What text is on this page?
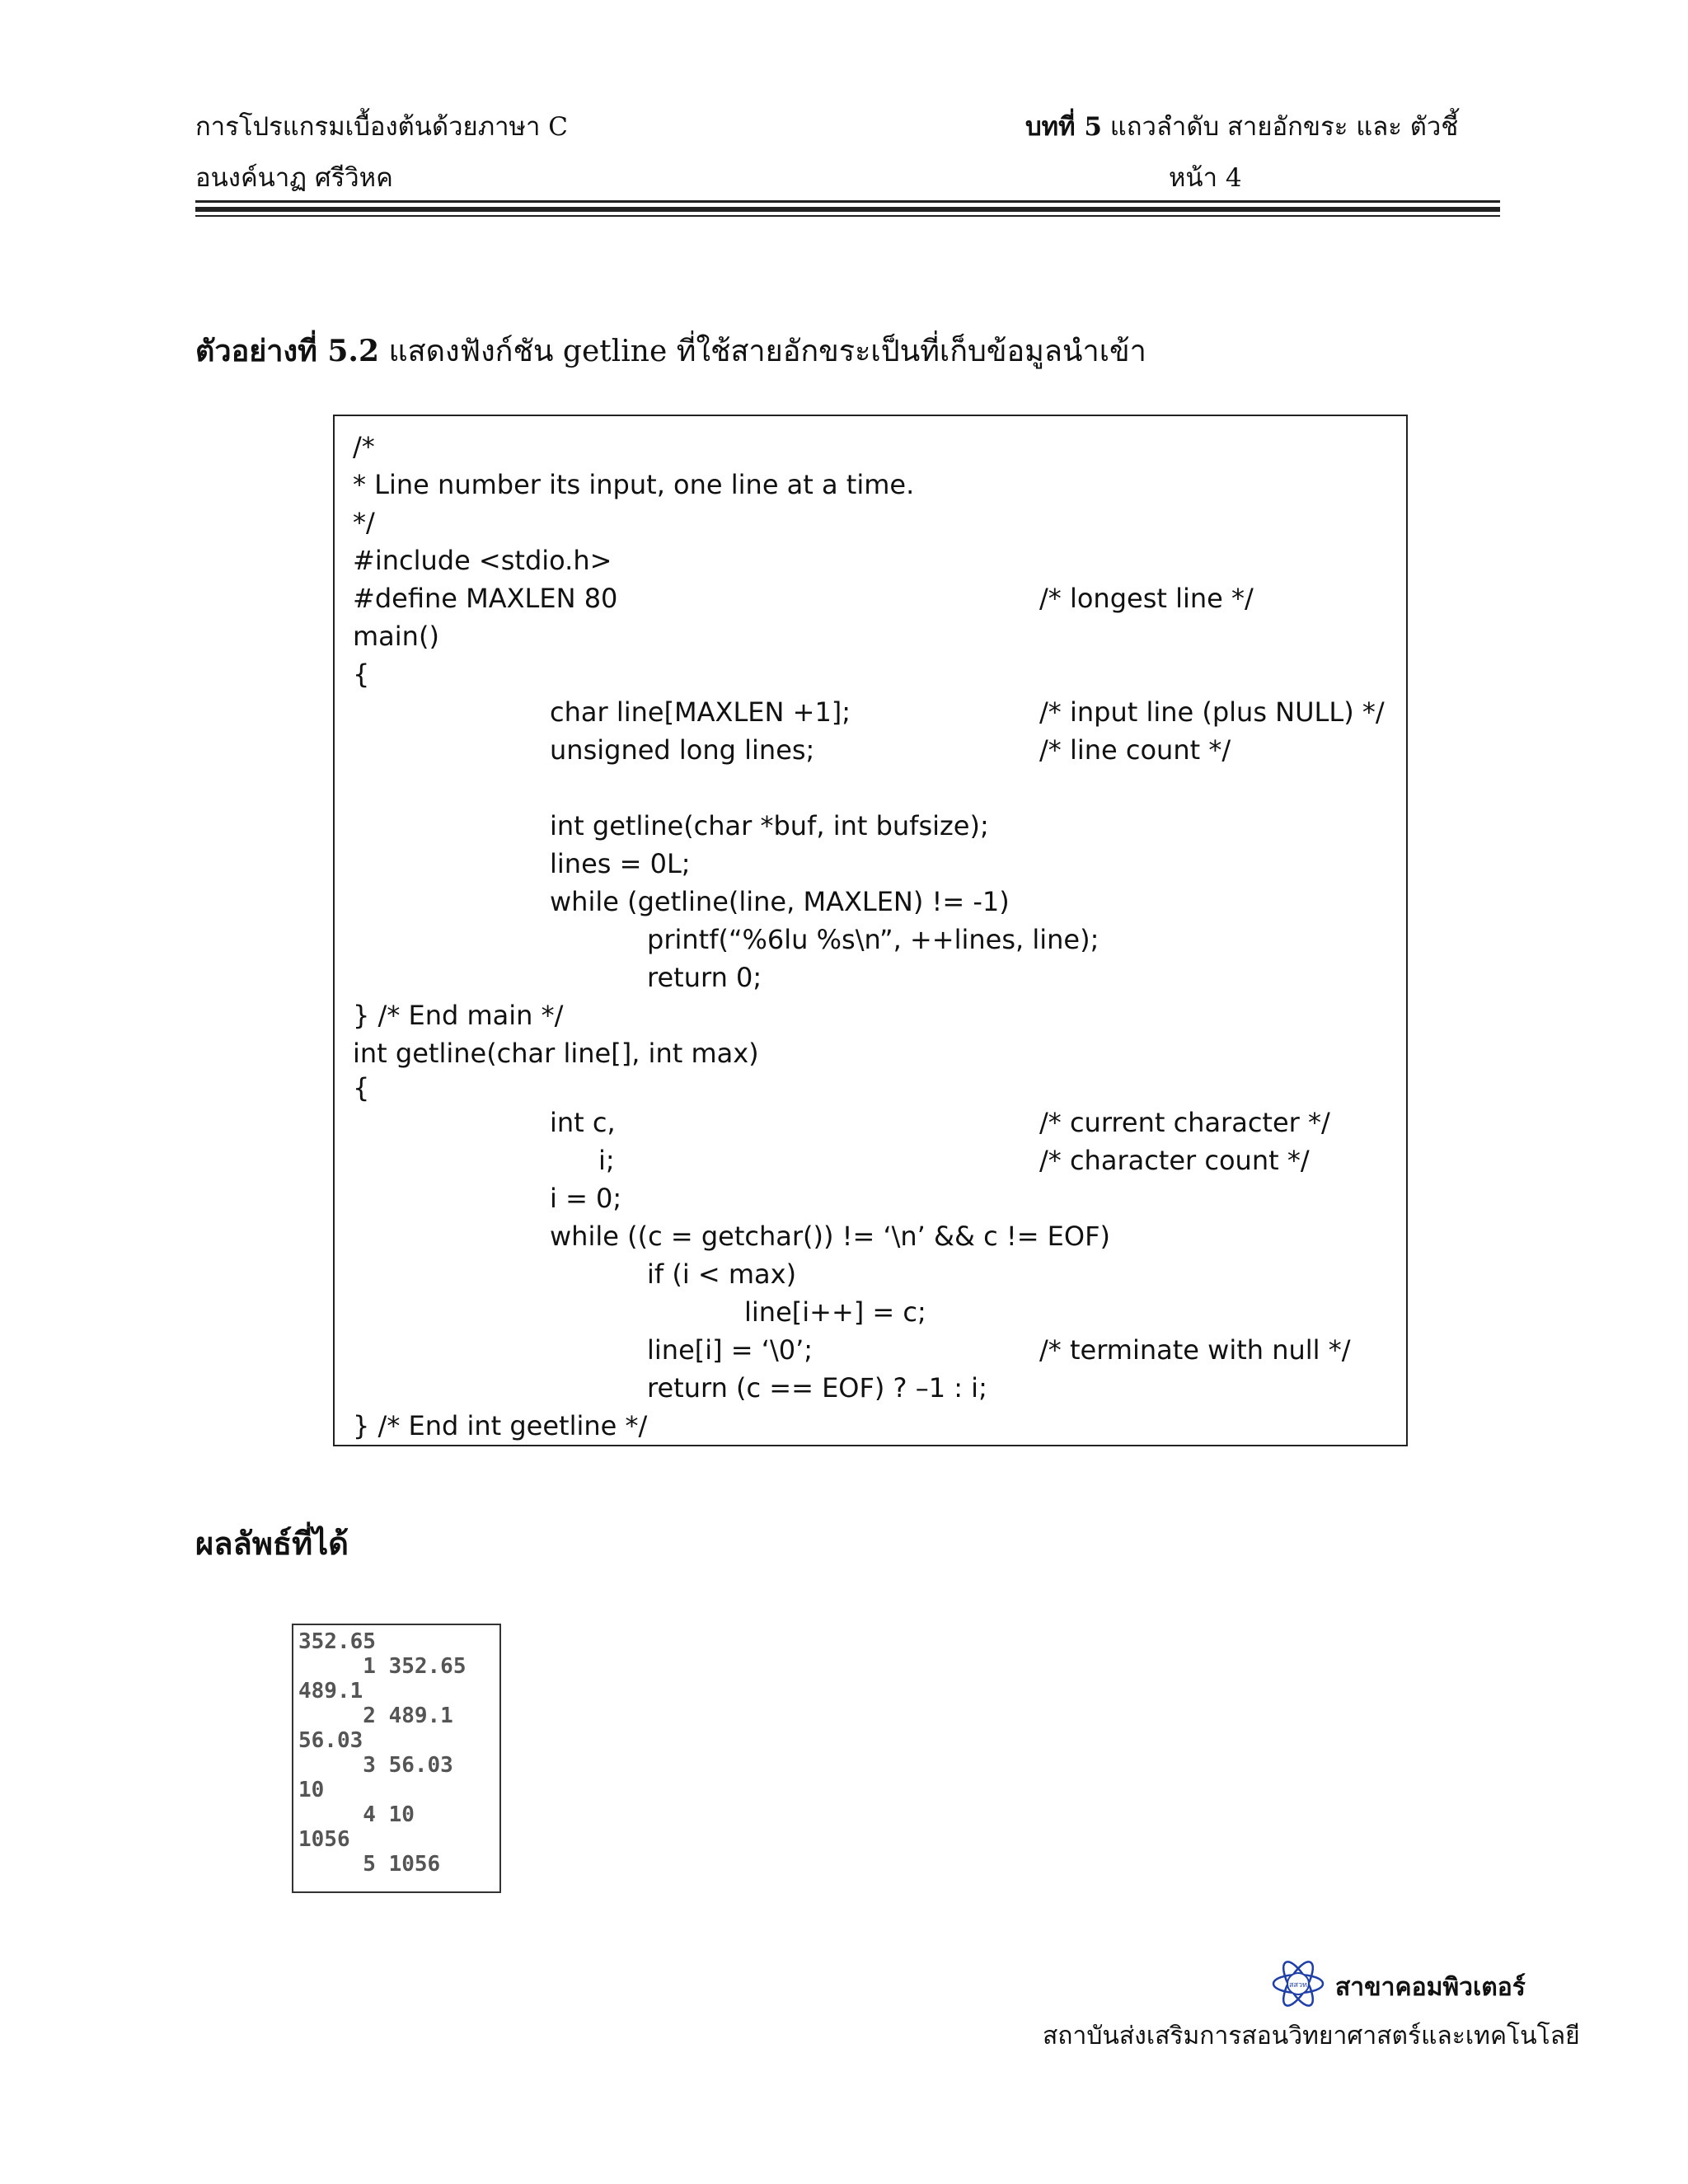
การโปรแกรมเบื้องต้นด้วยภาษา C	บทที่ 5 แถวลำดับ สายอักขระ และ ตัวชี้
อนงค์นาฏ ศรีวิหค	หน้า 4
ตัวอย่างที่ 5.2 แสดงฟังก์ชัน getline ที่ใช้สายอักขระเป็นที่เก็บข้อมูลนำเข้า
/*
* Line number its input, one line at a time.
*/
#include <stdio.h>
#define MAXLEN 80	/* longest line */
main()
{
char line[MAXLEN +1];	/* input line (plus NULL) */
unsigned long lines;	/* line count */
int getline(char *buf, int bufsize);
lines = 0L;
while (getline(line, MAXLEN) != -1)
printf(“%6lu %s\n”, ++lines, line);
return 0;
} /* End main */
int getline(char line[], int max)
{
int c,	/* current character */
i;	/* character count */
i = 0;
while ((c = getchar()) != ‘\n’ && c != EOF)
if (i < max)
line[i++] = c;
line[i] = ‘\0’;	/* terminate with null */
return (c == EOF) ? –1 : i;
} /* End int geetline */
ผลลัพธ์ที่ได้
352.65
1 352.65
489.1
2 489.1
56.03
3 56.03
10
4 10
1056
5 1056
สสวท สาขาคอมพิวเตอร์
สถาบันส่งเสริมการสอนวิทยาศาสตร์และเทคโนโลยี
